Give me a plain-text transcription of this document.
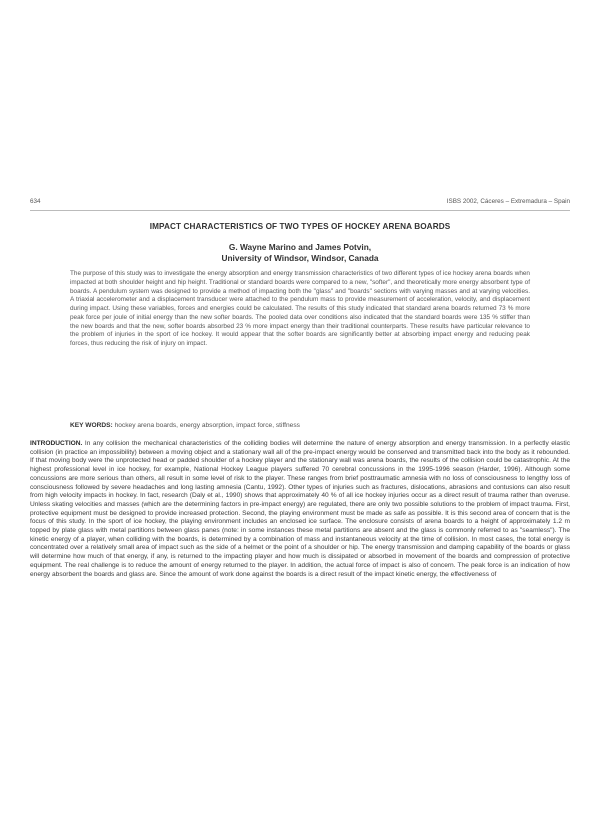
634	ISBS 2002, Cáceres – Extremadura – Spain
IMPACT CHARACTERISTICS OF TWO TYPES OF HOCKEY ARENA BOARDS
G. Wayne Marino and James Potvin,
University of Windsor, Windsor, Canada

The purpose of this study was to investigate the energy absorption and energy transmission characteristics of two different types of ice hockey arena boards when impacted at both shoulder height and hip height. Traditional or standard boards were compared to a new, "softer", and theoretically more energy absorbent type of boards. A pendulum system was designed to provide a method of impacting both the "glass" and "boards" sections with varying masses and at varying velocities. A triaxial accelerometer and a displacement transducer were attached to the pendulum mass to provide measurement of acceleration, velocity, and displacement during impact. Using these variables, forces and energies could be calculated. The results of this study indicated that standard arena boards returned 73 % more peak force per joule of initial energy than the new softer boards. The pooled data over conditions also indicated that the standard boards were 135 % stiffer than the new boards and that the new, softer boards absorbed 23 % more impact energy than their traditional counterparts. These results have particular relevance to the problem of injuries in the sport of ice hockey. It would appear that the softer boards are significantly better at absorbing impact energy and reducing peak forces, thus reducing the risk of injury on impact.

KEY WORDS: hockey arena boards, energy absorption, impact force, stiffness

INTRODUCTION. In any collision the mechanical characteristics of the colliding bodies will determine the nature of energy absorption and energy transmission. In a perfectly elastic collision (in practice an impossibility) between a moving object and a stationary wall all of the pre-impact energy would be conserved and transmitted back into the body as it rebounded. If that moving body were the unprotected head or padded shoulder of a hockey player and the stationary wall was arena boards, the results of the collision could be catastrophic. At the highest professional level in ice hockey, for example, National Hockey League players suffered 70 cerebral concussions in the 1995-1996 season (Harder, 1996). Although some concussions are more serious than others, all result in some level of risk to the player. These ranges from brief posttraumatic amnesia with no loss of consciousness to lengthy loss of consciousness followed by severe headaches and long lasting amnesia (Cantu, 1992). Other types of injuries such as fractures, dislocations, abrasions and contusions can also result from high velocity impacts in hockey. In fact, research (Daly et al., 1990) shows that approximately 40 % of all ice hockey injuries occur as a direct result of trauma rather than overuse. Unless skating velocities and masses (which are the determining factors in pre-impact energy) are regulated, there are only two possible solutions to the problem of impact trauma. First, protective equipment must be designed to provide increased protection. Second, the playing environment must be made as safe as possible. It is this second area of concern that is the focus of this study. In the sport of ice hockey, the playing environment includes an enclosed ice surface. The enclosure consists of arena boards to a height of approximately 1.2 m topped by plate glass with metal partitions between glass panes (note: in some instances these metal partitions are absent and the glass is commonly referred to as "seamless"). The kinetic energy of a player, when colliding with the boards, is determined by a combination of mass and instantaneous velocity at the time of collision. In most cases, the total energy is concentrated over a relatively small area of impact such as the side of a helmet or the point of a shoulder or hip. The energy transmission and damping capability of the boards or glass will determine how much of that energy, if any, is returned to the impacting player and how much is dissipated or absorbed in movement of the boards and compression of protective equipment. The real challenge is to reduce the amount of energy returned to the player. In addition, the actual force of impact is also of concern. The peak force is an indication of how energy absorbent the boards and glass are. Since the amount of work done against the boards is a direct result of the impact kinetic energy, the effectiveness of
